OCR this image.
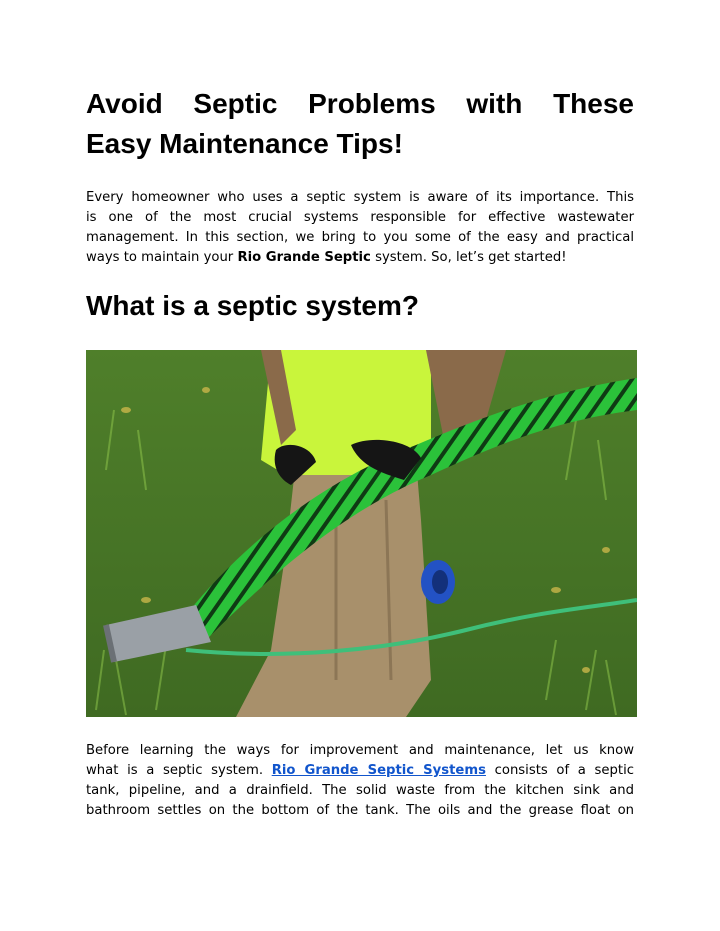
Avoid Septic Problems with These
Easy Maintenance Tips!

Every homeowner who uses a septic system is aware of its importance. This
is one of the most crucial systems responsible for effective wastewater
management. In this section, we bring to you some of the easy and practical
ways to maintain your Rio Grande Septic system. So, let’s get started!

What is a septic system?

Before learning the ways for improvement and maintenance, let us know
what is a septic system. Rio Grande Septic Systems consists of a septic
tank, pipeline, and a drainfield. The solid waste from the kitchen sink and
bathroom settles on the bottom of the tank. The oils and the grease float on
